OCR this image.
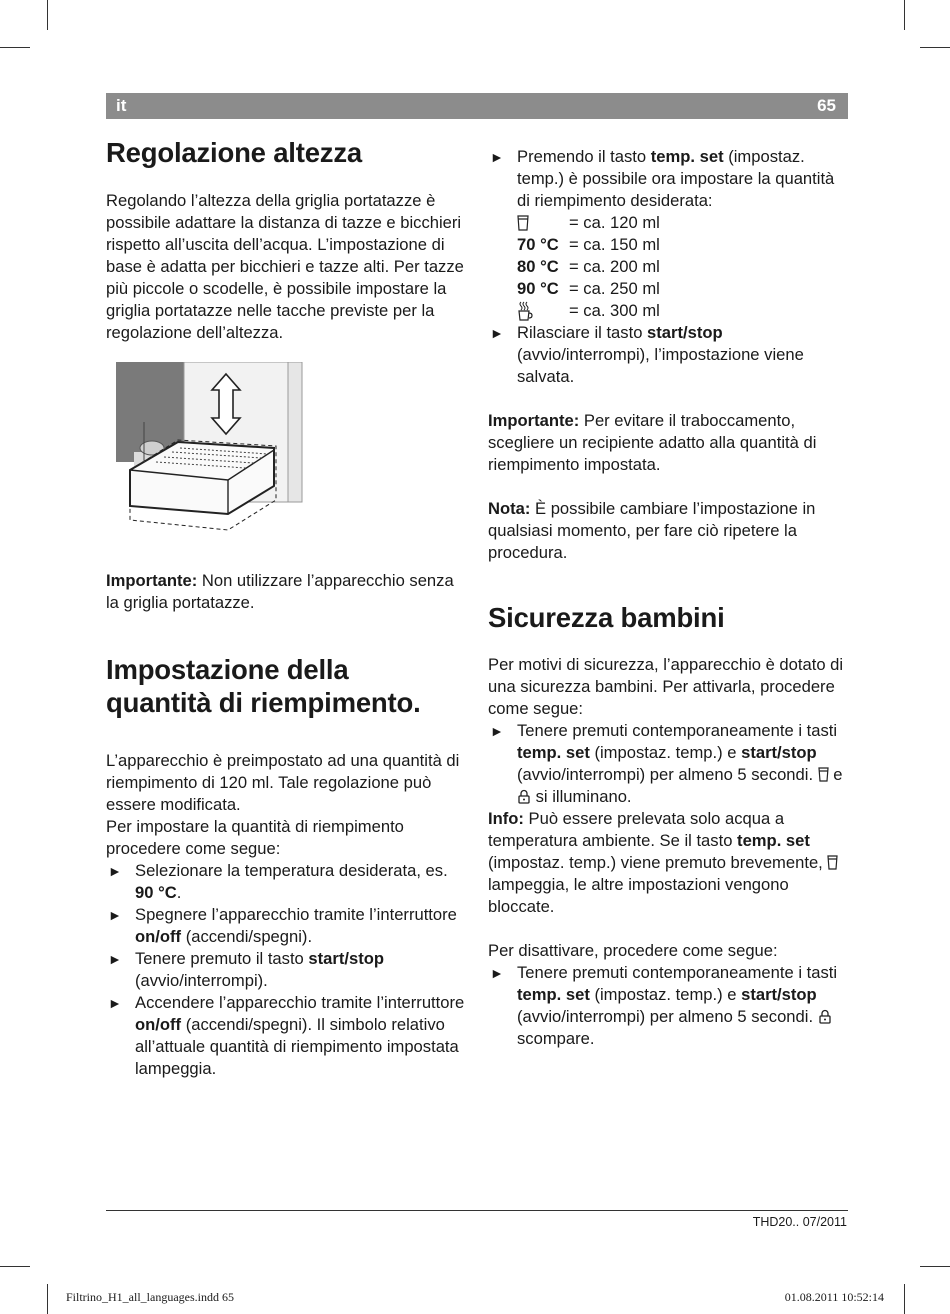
it	65
Regolazione altezza

Regolando l’altezza della griglia portatazze è possibile adattare la distanza di tazze e bicchieri rispetto all’uscita dell’acqua. L’impostazione di base è adatta per bicchieri e tazze alti. Per tazze più piccole o scodelle, è possibile impostare la griglia portatazze nelle tacche previste per la regolazione dell’altezza.

Importante: Non utilizzare l’apparecchio senza la griglia portatazze.

Impostazione della
quantità di riempimento.

L’apparecchio è preimpostato ad una quantità di riempimento di 120 ml. Tale regolazione può essere modificata.

Per impostare la quantità di riempimento procedere come segue:

► Selezionare la temperatura desiderata, es. 90 °C.
► Spegnere l’apparecchio tramite l’interruttore on/off (accendi/spegni).
► Tenere premuto il tasto start/stop (avvio/interrompi).
► Accendere l’apparecchio tramite l’interruttore on/off (accendi/spegni). Il simbolo relativo all’attuale quantità di riempimento impostata lampeggia.
► Premendo il tasto temp. set (impostaz. temp.) è possibile ora impostare la quantità di riempimento desiderata:
= ca. 120 ml
70 °C = ca. 150 ml
80 °C = ca. 200 ml
90 °C = ca. 250 ml
= ca. 300 ml
► Rilasciare il tasto start/stop (avvio/interrompi), l’impostazione viene salvata.

Importante: Per evitare il traboccamento, scegliere un recipiente adatto alla quantità di riempimento impostata.

Nota: È possibile cambiare l’impostazione in qualsiasi momento, per fare ciò ripetere la procedura.

Sicurezza bambini

Per motivi di sicurezza, l’apparecchio è dotato di una sicurezza bambini. Per attivarla, procedere come segue:

► Tenere premuti contemporaneamente i tasti temp. set (impostaz. temp.) e start/stop (avvio/interrompi) per almeno 5 secondi.  e  si illuminano.

Info: Può essere prelevata solo acqua a temperatura ambiente. Se il tasto temp. set (impostaz. temp.) viene premuto brevemente,  lampeggia, le altre impostazioni vengono bloccate.

Per disattivare, procedere come segue:

► Tenere premuti contemporaneamente i tasti temp. set (impostaz. temp.) e start/stop (avvio/interrompi) per almeno 5 secondi.  scompare.
THD20.. 07/2011
Filtrino_H1_all_languages.indd 65	01.08.2011 10:52:14
